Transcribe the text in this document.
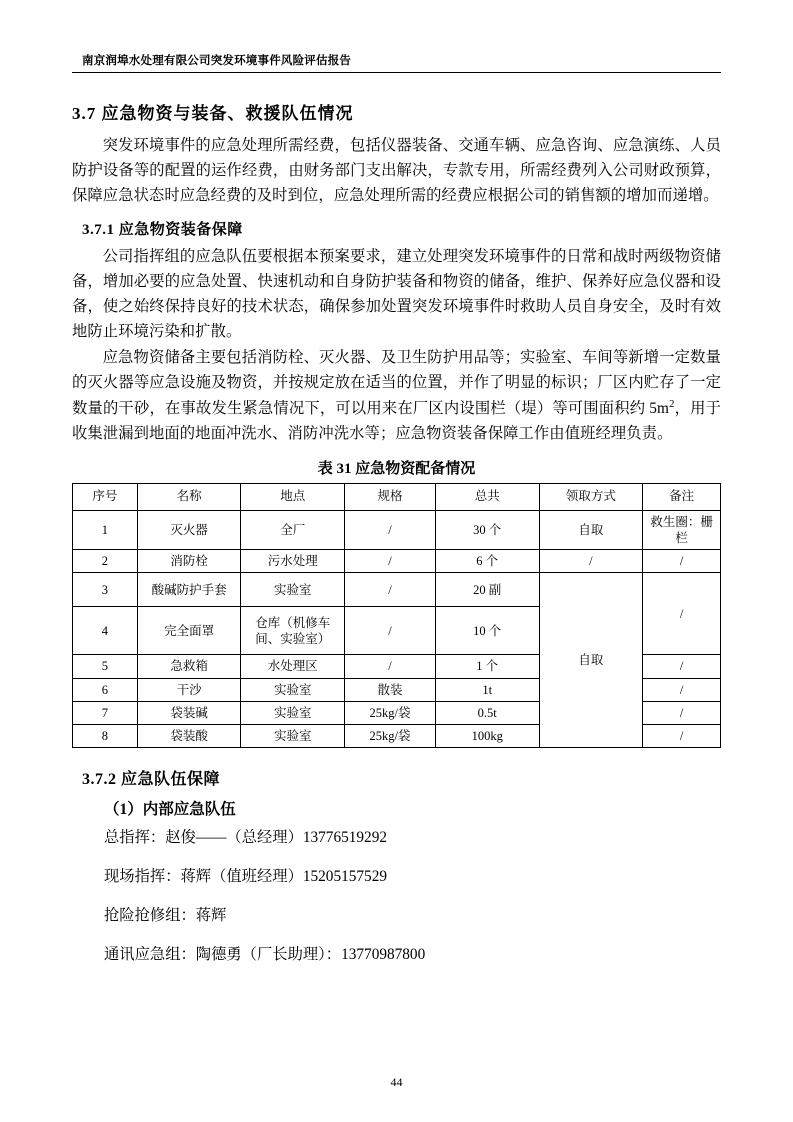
南京润埠水处理有限公司突发环境事件风险评估报告
3.7 应急物资与装备、救援队伍情况

突发环境事件的应急处理所需经费，包括仪器装备、交通车辆、应急咨询、应急演练、人员防护设备等的配置的运作经费，由财务部门支出解决，专款专用，所需经费列入公司财政预算，保障应急状态时应急经费的及时到位，应急处理所需的经费应根据公司的销售额的增加而递增。

3.7.1 应急物资装备保障

公司指挥组的应急队伍要根据本预案要求，建立处理突发环境事件的日常和战时两级物资储备，增加必要的应急处置、快速机动和自身防护装备和物资的储备，维护、保养好应急仪器和设备，使之始终保持良好的技术状态，确保参加处置突发环境事件时救助人员自身安全，及时有效地防止环境污染和扩散。

应急物资储备主要包括消防栓、灭火器、及卫生防护用品等；实验室、车间等新增一定数量的灭火器等应急设施及物资，并按规定放在适当的位置，并作了明显的标识；厂区内贮存了一定数量的干砂，在事故发生紧急情况下，可以用来在厂区内设围栏（堤）等可围面积约 $5m^2$，用于收集泄漏到地面的地面冲洗水、消防冲洗水等；应急物资装备保障工作由值班经理负责。

表 31 应急物资配备情况
序号	名称	地点	规格	总共	领取方式	备注
1	灭火器	全厂	/	30 个	自取	救生圈：栅栏
2	消防栓	污水处理	/	6 个	/	/
3	酸碱防护手套	实验室	/	20 副	自取	/
4	完全面罩	仓库（机修车间、实验室）	/	10 个		
5	急救箱	水处理区	/	1 个		/
6	干沙	实验室	散装	1t		/
7	袋装碱	实验室	25kg/袋	0.5t		/
8	袋装酸	实验室	25kg/袋	100kg		/
3.7.2 应急队伍保障
（1）内部应急队伍
总指挥：赵俊——（总经理）13776519292
现场指挥：蒋辉（值班经理）15205157529
抢险抢修组：蒋辉
通讯应急组：陶德勇（厂长助理）：13770987800
44
